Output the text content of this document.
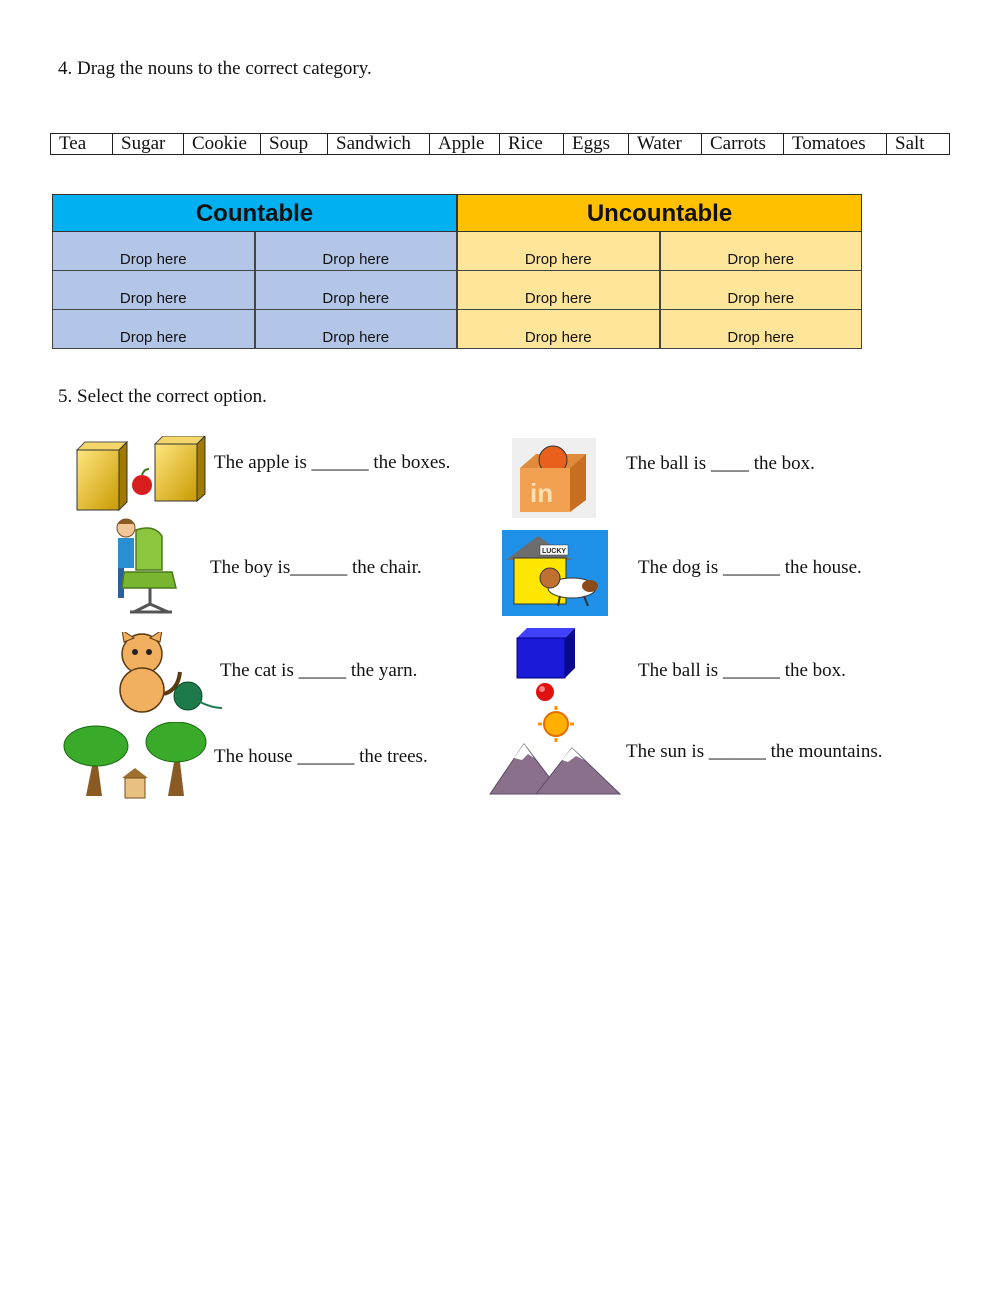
4. Drag the nouns to the correct category.
Tea	Sugar	Cookie	Soup	Sandwich	Apple	Rice	Eggs	Water	Carrots	Tomatoes	Salt
Countable	Uncountable
Drop here	Drop here	Drop here	Drop here
Drop here	Drop here	Drop here	Drop here
Drop here	Drop here	Drop here	Drop here
5. Select the correct option.
in
LUCKY
The apple is ______ the boxes.	The ball is ____ the box.
The boy is______ the chair.	The dog is ______ the house.
The cat is _____ the yarn.	The ball is ______ the box.
The house ______ the trees.	The sun is ______ the mountains.
